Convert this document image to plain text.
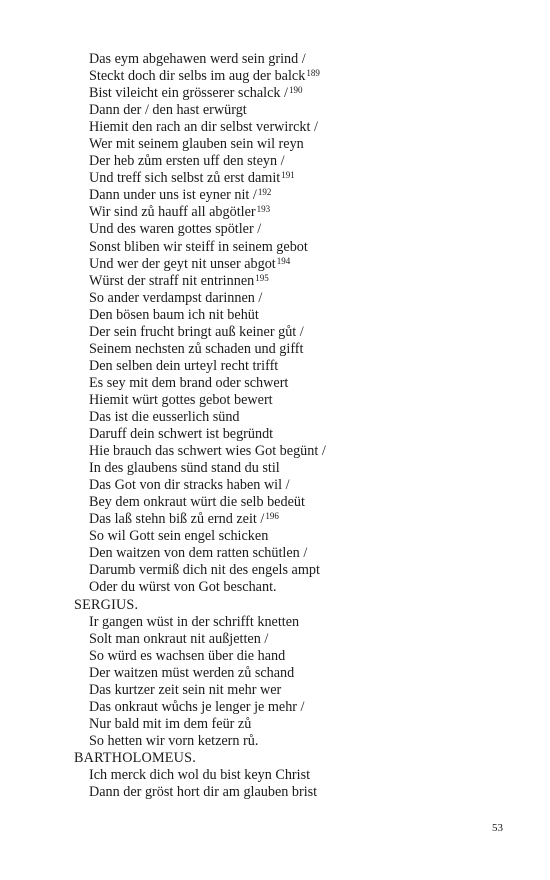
Das eym abgehawen werd sein grind /
Steckt doch dir selbs im aug der balck$^{189}$
Bist vileicht ein grösserer schalck /$^{190}$
Dann der / den hast erwürgt
Hiemit den rach an dir selbst verwirckt /
Wer mit seinem glauben sein wil reyn
Der heb zům ersten uff den steyn /
Und treff sich selbst zů erst damit$^{191}$
Dann under uns ist eyner nit /$^{192}$
Wir sind zů hauff all abgötler$^{193}$
Und des waren gottes spötler /
Sonst bliben wir steiff in seinem gebot
Und wer der geyt nit unser abgot$^{194}$
Würst der straff nit entrinnen$^{195}$
So ander verdampst darinnen /
Den bösen baum ich nit behüt
Der sein frucht bringt auß keiner gůt /
Seinem nechsten zů schaden und gifft
Den selben dein urteyl recht trifft
Es sey mit dem brand oder schwert
Hiemit würt gottes gebot bewert
Das ist die eusserlich sünd
Daruff dein schwert ist begründt
Hie brauch das schwert wies Got begünt /
In des glaubens sünd stand du stil
Das Got von dir stracks haben wil /
Bey dem onkraut würt die selb bedeüt
Das laß stehn biß zů ernd zeit /$^{196}$
So wil Gott sein engel schicken
Den waitzen von dem ratten schütlen /
Darumb vermiß dich nit des engels ampt
Oder du würst von Got beschant.
SERGIUS.
Ir gangen wüst in der schrifft knetten
Solt man onkraut nit außjetten /
So würd es wachsen über die hand
Der waitzen müst werden zů schand
Das kurtzer zeit sein nit mehr wer
Das onkraut wůchs je lenger je mehr /
Nur bald mit im dem feür zů
So hetten wir vorn ketzern rů.
BARTHOLOMEUS.
Ich merck dich wol du bist keyn Christ
Dann der gröst hort dir am glauben brist
53
